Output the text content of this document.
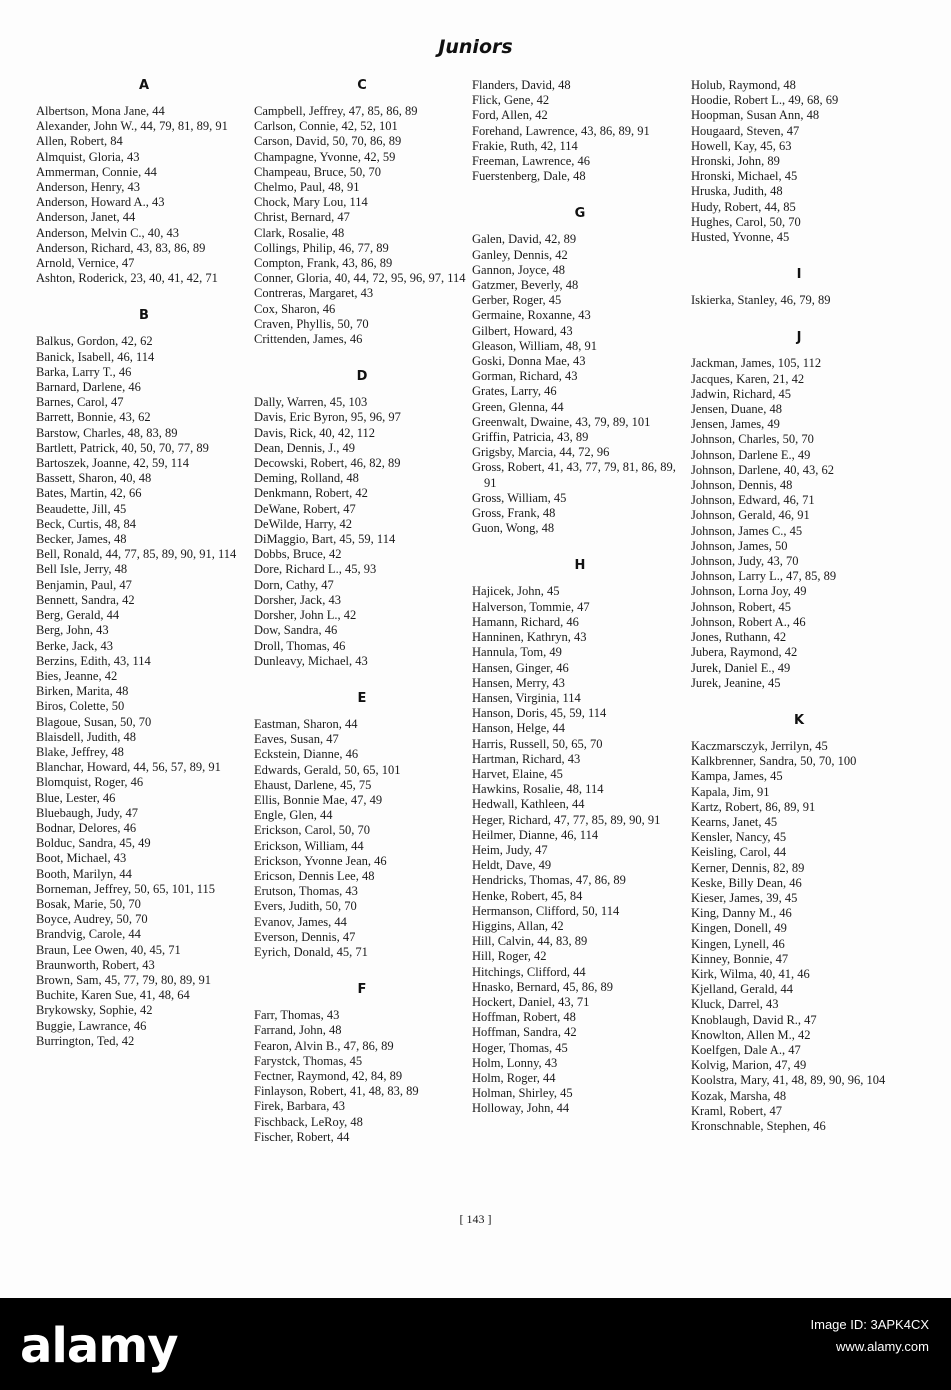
Juniors
A
Albertson, Mona Jane, 44
Alexander, John W., 44, 79, 81, 89, 91
Allen, Robert, 84
Almquist, Gloria, 43
Ammerman, Connie, 44
Anderson, Henry, 43
Anderson, Howard A., 43
Anderson, Janet, 44
Anderson, Melvin C., 40, 43
Anderson, Richard, 43, 83, 86, 89
Arnold, Vernice, 47
Ashton, Roderick, 23, 40, 41, 42, 71
B
Balkus, Gordon, 42, 62
Banick, Isabell, 46, 114
Barka, Larry T., 46
Barnard, Darlene, 46
Barnes, Carol, 47
Barrett, Bonnie, 43, 62
Barstow, Charles, 48, 83, 89
Bartlett, Patrick, 40, 50, 70, 77, 89
Bartoszek, Joanne, 42, 59, 114
Bassett, Sharon, 40, 48
Bates, Martin, 42, 66
Beaudette, Jill, 45
Beck, Curtis, 48, 84
Becker, James, 48
Bell, Ronald, 44, 77, 85, 89, 90, 91, 114
Bell Isle, Jerry, 48
Benjamin, Paul, 47
Bennett, Sandra, 42
Berg, Gerald, 44
Berg, John, 43
Berke, Jack, 43
Berzins, Edith, 43, 114
Bies, Jeanne, 42
Birken, Marita, 48
Biros, Colette, 50
Blagoue, Susan, 50, 70
Blaisdell, Judith, 48
Blake, Jeffrey, 48
Blanchar, Howard, 44, 56, 57, 89, 91
Blomquist, Roger, 46
Blue, Lester, 46
Bluebaugh, Judy, 47
Bodnar, Delores, 46
Bolduc, Sandra, 45, 49
Boot, Michael, 43
Booth, Marilyn, 44
Borneman, Jeffrey, 50, 65, 101, 115
Bosak, Marie, 50, 70
Boyce, Audrey, 50, 70
Brandvig, Carole, 44
Braun, Lee Owen, 40, 45, 71
Braunworth, Robert, 43
Brown, Sam, 45, 77, 79, 80, 89, 91
Buchite, Karen Sue, 41, 48, 64
Brykowsky, Sophie, 42
Buggie, Lawrance, 46
Burrington, Ted, 42
C
Campbell, Jeffrey, 47, 85, 86, 89
Carlson, Connie, 42, 52, 101
Carson, David, 50, 70, 86, 89
Champagne, Yvonne, 42, 59
Champeau, Bruce, 50, 70
Chelmo, Paul, 48, 91
Chock, Mary Lou, 114
Christ, Bernard, 47
Clark, Rosalie, 48
Collings, Philip, 46, 77, 89
Compton, Frank, 43, 86, 89
Conner, Gloria, 40, 44, 72, 95, 96, 97, 114
Contreras, Margaret, 43
Cox, Sharon, 46
Craven, Phyllis, 50, 70
Crittenden, James, 46
D
Dally, Warren, 45, 103
Davis, Eric Byron, 95, 96, 97
Davis, Rick, 40, 42, 112
Dean, Dennis, J., 49
Decowski, Robert, 46, 82, 89
Deming, Rolland, 48
Denkmann, Robert, 42
DeWane, Robert, 47
DeWilde, Harry, 42
DiMaggio, Bart, 45, 59, 114
Dobbs, Bruce, 42
Dore, Richard L., 45, 93
Dorn, Cathy, 47
Dorsher, Jack, 43
Dorsher, John L., 42
Dow, Sandra, 46
Droll, Thomas, 46
Dunleavy, Michael, 43
E
Eastman, Sharon, 44
Eaves, Susan, 47
Eckstein, Dianne, 46
Edwards, Gerald, 50, 65, 101
Ehaust, Darlene, 45, 75
Ellis, Bonnie Mae, 47, 49
Engle, Glen, 44
Erickson, Carol, 50, 70
Erickson, William, 44
Erickson, Yvonne Jean, 46
Ericson, Dennis Lee, 48
Erutson, Thomas, 43
Evers, Judith, 50, 70
Evanov, James, 44
Everson, Dennis, 47
Eyrich, Donald, 45, 71
F
Farr, Thomas, 43
Farrand, John, 48
Fearon, Alvin B., 47, 86, 89
Farystck, Thomas, 45
Fectner, Raymond, 42, 84, 89
Finlayson, Robert, 41, 48, 83, 89
Firek, Barbara, 43
Fischback, LeRoy, 48
Fischer, Robert, 44
Flanders, David, 48
Flick, Gene, 42
Ford, Allen, 42
Forehand, Lawrence, 43, 86, 89, 91
Frakie, Ruth, 42, 114
Freeman, Lawrence, 46
Fuerstenberg, Dale, 48
G
Galen, David, 42, 89
Ganley, Dennis, 42
Gannon, Joyce, 48
Gatzmer, Beverly, 48
Gerber, Roger, 45
Germaine, Roxanne, 43
Gilbert, Howard, 43
Gleason, William, 48, 91
Goski, Donna Mae, 43
Gorman, Richard, 43
Grates, Larry, 46
Green, Glenna, 44
Greenwalt, Dwaine, 43, 79, 89, 101
Griffin, Patricia, 43, 89
Grigsby, Marcia, 44, 72, 96
Gross, Robert, 41, 43, 77, 79, 81, 86, 89, 91
Gross, William, 45
Gross, Frank, 48
Guon, Wong, 48
H
Hajicek, John, 45
Halverson, Tommie, 47
Hamann, Richard, 46
Hanninen, Kathryn, 43
Hannula, Tom, 49
Hansen, Ginger, 46
Hansen, Merry, 43
Hansen, Virginia, 114
Hanson, Doris, 45, 59, 114
Hanson, Helge, 44
Harris, Russell, 50, 65, 70
Hartman, Richard, 43
Harvet, Elaine, 45
Hawkins, Rosalie, 48, 114
Hedwall, Kathleen, 44
Heger, Richard, 47, 77, 85, 89, 90, 91
Heilmer, Dianne, 46, 114
Heim, Judy, 47
Heldt, Dave, 49
Hendricks, Thomas, 47, 86, 89
Henke, Robert, 45, 84
Hermanson, Clifford, 50, 114
Higgins, Allan, 42
Hill, Calvin, 44, 83, 89
Hill, Roger, 42
Hitchings, Clifford, 44
Hnasko, Bernard, 45, 86, 89
Hockert, Daniel, 43, 71
Hoffman, Robert, 48
Hoffman, Sandra, 42
Hoger, Thomas, 45
Holm, Lonny, 43
Holm, Roger, 44
Holman, Shirley, 45
Holloway, John, 44
Holub, Raymond, 48
Hoodie, Robert L., 49, 68, 69
Hoopman, Susan Ann, 48
Hougaard, Steven, 47
Howell, Kay, 45, 63
Hronski, John, 89
Hronski, Michael, 45
Hruska, Judith, 48
Hudy, Robert, 44, 85
Hughes, Carol, 50, 70
Husted, Yvonne, 45
I
Iskierka, Stanley, 46, 79, 89
J
Jackman, James, 105, 112
Jacques, Karen, 21, 42
Jadwin, Richard, 45
Jensen, Duane, 48
Jensen, James, 49
Johnson, Charles, 50, 70
Johnson, Darlene E., 49
Johnson, Darlene, 40, 43, 62
Johnson, Dennis, 48
Johnson, Edward, 46, 71
Johnson, Gerald, 46, 91
Johnson, James C., 45
Johnson, James, 50
Johnson, Judy, 43, 70
Johnson, Larry L., 47, 85, 89
Johnson, Lorna Joy, 49
Johnson, Robert, 45
Johnson, Robert A., 46
Jones, Ruthann, 42
Jubera, Raymond, 42
Jurek, Daniel E., 49
Jurek, Jeanine, 45
K
Kaczmarsczyk, Jerrilyn, 45
Kalkbrenner, Sandra, 50, 70, 100
Kampa, James, 45
Kapala, Jim, 91
Kartz, Robert, 86, 89, 91
Kearns, Janet, 45
Kensler, Nancy, 45
Keisling, Carol, 44
Kerner, Dennis, 82, 89
Keske, Billy Dean, 46
Kieser, James, 39, 45
King, Danny M., 46
Kingen, Donell, 49
Kingen, Lynell, 46
Kinney, Bonnie, 47
Kirk, Wilma, 40, 41, 46
Kjelland, Gerald, 44
Kluck, Darrel, 43
Knoblaugh, David R., 47
Knowlton, Allen M., 42
Koelfgen, Dale A., 47
Kolvig, Marion, 47, 49
Koolstra, Mary, 41, 48, 89, 90, 96, 104
Kozak, Marsha, 48
Kraml, Robert, 47
Kronschnable, Stephen, 46
[ 143 ]
alamy	Image ID: 3APK4CX
www.alamy.com
